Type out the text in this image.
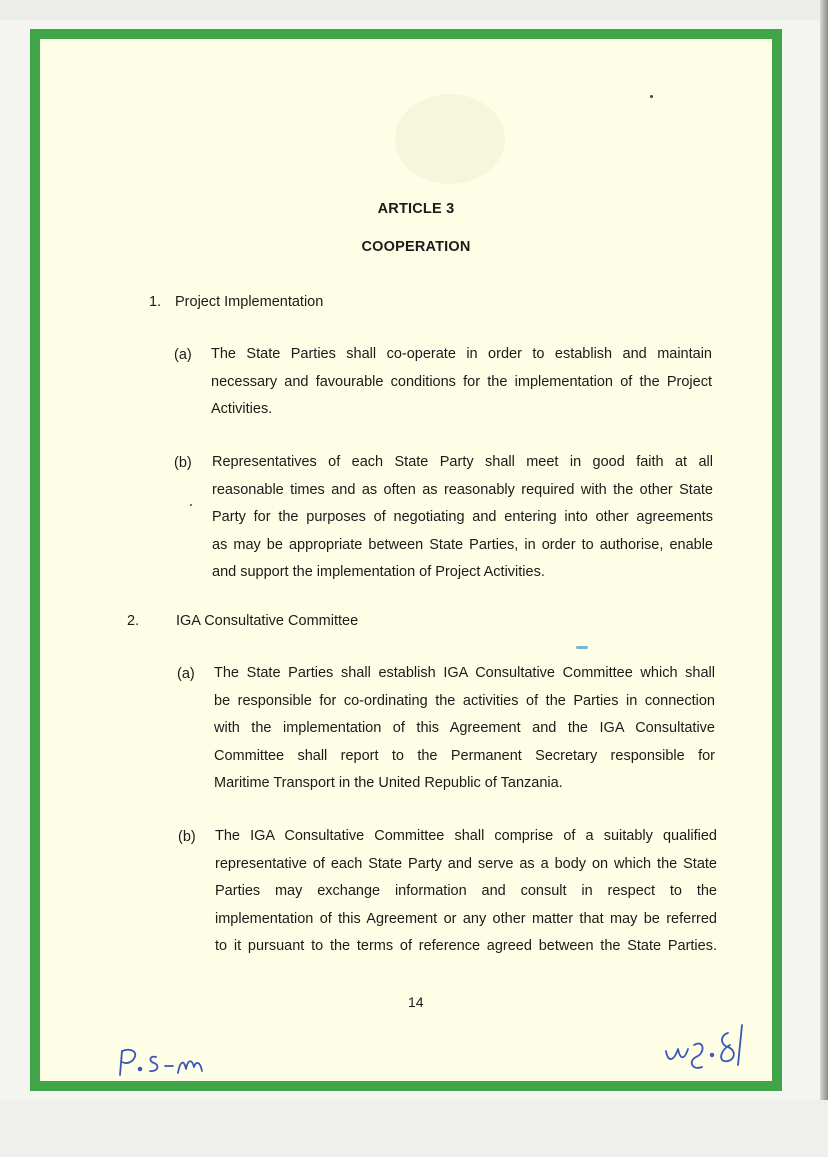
ARTICLE 3
COOPERATION
1. Project Implementation
(a) The State Parties shall co-operate in order to establish and maintain
necessary and favourable conditions for the implementation of the Project
Activities.
(b) Representatives of each State Party shall meet in good faith at all
reasonable times and as often as reasonably required with the other State
Party for the purposes of negotiating and entering into other agreements
as may be appropriate between State Parties, in order to authorise, enable
and support the implementation of Project Activities.
2.	IGA Consultative Committee
(a) The State Parties shall establish IGA Consultative Committee which shall
be responsible for co-ordinating the activities of the Parties in connection
with the implementation of this Agreement and the IGA Consultative
Committee shall report to the Permanent Secretary responsible for
Maritime Transport in the United Republic of Tanzania.
(b) The IGA Consultative Committee shall comprise of a suitably qualified
representative of each State Party and serve as a body on which the State
Parties may exchange information and consult in respect to the
implementation of this Agreement or any other matter that may be referred
to it pursuant to the terms of reference agreed between the State Parties.
14
